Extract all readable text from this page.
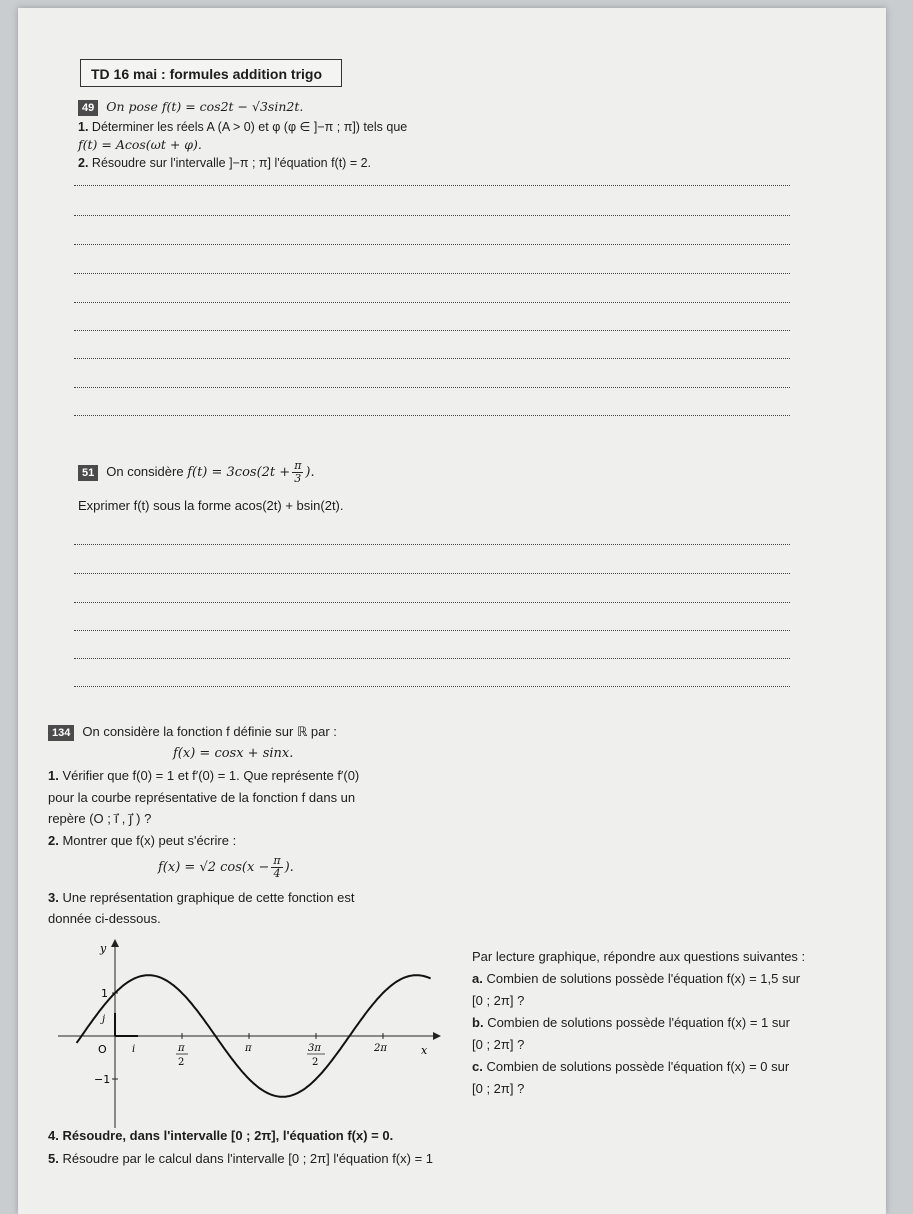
TD 16 mai : formules addition trigo
49 On pose f(t) = cos2t − √3sin2t.
1. Déterminer les réels A (A > 0) et φ (φ ∈ ]−π ; π]) tels que
f(t) = Acos(ωt + φ).
2. Résoudre sur l'intervalle ]−π ; π] l'équation f(t) = 2.
51 On considère $f(t) = 3\cos(2t + \frac{\pi}{3}$ ).
Exprimer f(t) sous la forme acos(2t) + bsin(2t).
134 On considère la fonction f définie sur ℝ par :
f(x) = cosx + sinx.
1. Vérifier que f(0) = 1 et f′(0) = 1. Que représente f′(0)
pour la courbe représentative de la fonction f dans un
repère (O ; i⃗ , j⃗ ) ?
2. Montrer que f(x) peut s'écrire :
f(x) = √2 $\cos(x - \frac{\pi}{4}$ ).
3. Une représentation graphique de cette fonction est
donnée ci-dessous.
y
x
O	i
j
1
−1
π
2
π	3π
2
2π
Par lecture graphique, répondre aux questions suivantes :
a. Combien de solutions possède l'équation f(x) = 1,5 sur
[0 ; 2π] ?
b. Combien de solutions possède l'équation f(x) = 1 sur
[0 ; 2π] ?
c. Combien de solutions possède l'équation f(x) = 0 sur
[0 ; 2π] ?
4. Résoudre, dans l'intervalle [0 ; 2π], l'équation f(x) = 0.
5. Résoudre par le calcul dans l'intervalle [0 ; 2π] l'équation f(x) = 1
